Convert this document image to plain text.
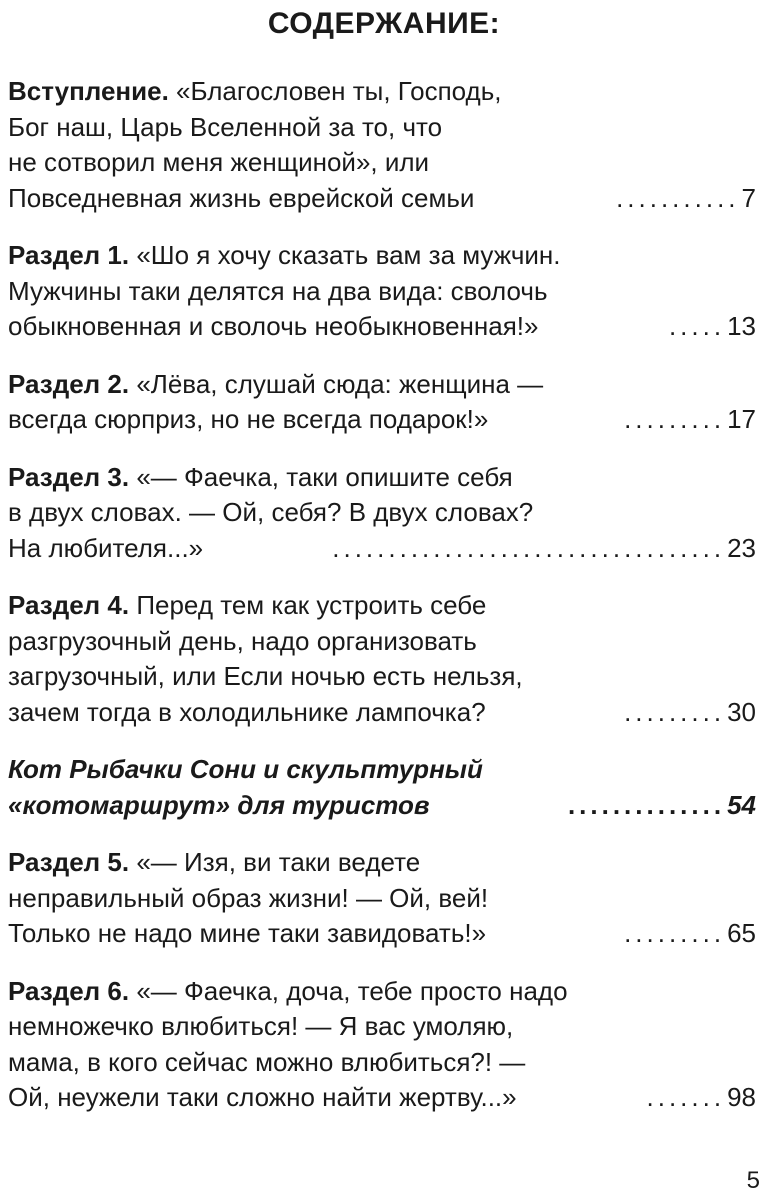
СОДЕРЖАНИЕ:
Вступление. «Благословен ты, Господь,
Бог наш, Царь Вселенной за то, что
не сотворил меня женщиной», или
Повседневная жизнь еврейской семьи	........... 7
Раздел 1. «Шо я хочу сказать вам за мужчин.
Мужчины таки делятся на два вида: сволочь
обыкновенная и сволочь необыкновенная!»	..... 13
Раздел 2. «Лёва, слушай сюда: женщина —
всегда сюрприз, но не всегда подарок!»	......... 17
Раздел 3. «— Фаечка, таки опишите себя
в двух словах. — Ой, себя? В двух словах?
На любителя...»	................................... 23
Раздел 4. Перед тем как устроить себе
разгрузочный день, надо организовать
загрузочный, или Если ночью есть нельзя,
зачем тогда в холодильнике лампочка?	......... 30
Кот Рыбачки Сони и скульптурный
«котомаршрут» для туристов	.............. 54
Раздел 5. «— Изя, ви таки ведете
неправильный образ жизни! — Ой, вей!
Только не надо мине таки завидовать!»	......... 65
Раздел 6. «— Фаечка, доча, тебе просто надо
немножечко влюбиться! — Я вас умоляю,
мама, в кого сейчас можно влюбиться?! —
Ой, неужели таки сложно найти жертву...»	....... 98
5
